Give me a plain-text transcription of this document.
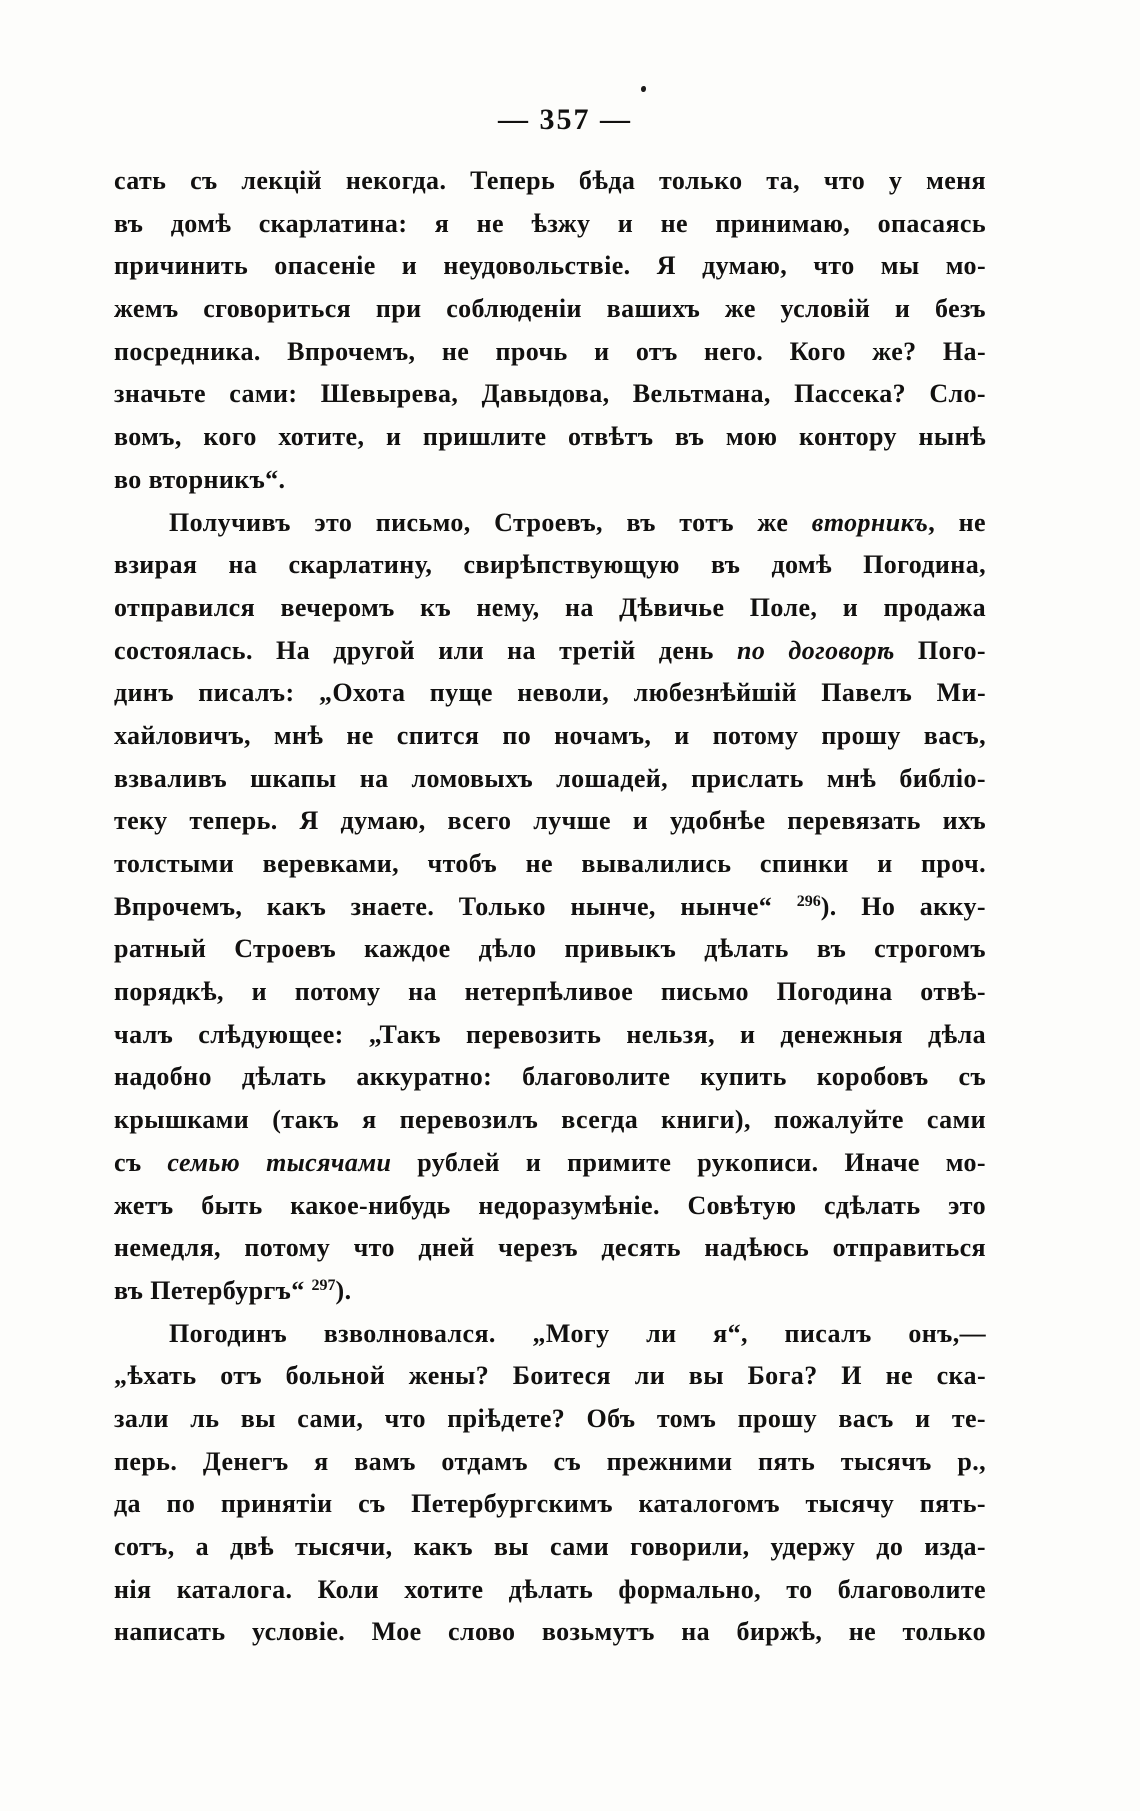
— 357 —
сать съ лекцій некогда. Теперь бѣда только та, что у меня
въ домѣ скарлатина: я не ѣзжу и не принимаю, опасаясь
причинить опасеніе и неудовольствіе. Я думаю, что мы мо-
жемъ сговориться при соблюденіи вашихъ же условій и безъ
посредника. Впрочемъ, не прочь и отъ него. Кого же? На-
значьте сами: Шевырева, Давыдова, Вельтмана, Пассека? Сло-
вомъ, кого хотите, и пришлите отвѣтъ въ мою контору нынѣ
во вторникъ“.
Получивъ это письмо, Строевъ, въ тотъ же вторникъ, не
взирая на скарлатину, свирѣпствующую въ домѣ Погодина,
отправился вечеромъ къ нему, на Дѣвичье Поле, и продажа
состоялась. На другой или на третій день по договорѣ Пого-
динъ писалъ: „Охота пуще неволи, любезнѣйшій Павелъ Ми-
хайловичъ, мнѣ не спится по ночамъ, и потому прошу васъ,
взваливъ шкапы на ломовыхъ лошадей, прислать мнѣ библіо-
теку теперь. Я думаю, всего лучше и удобнѣе перевязать ихъ
толстыми веревками, чтобъ не вывалились спинки и проч.
Впрочемъ, какъ знаете. Только нынче, нынче“ $^{296}$). Но акку-
ратный Строевъ каждое дѣло привыкъ дѣлать въ строгомъ
порядкѣ, и потому на нетерпѣливое письмо Погодина отвѣ-
чалъ слѣдующее: „Такъ перевозить нельзя, и денежныя дѣла
надобно дѣлать аккуратно: благоволите купить коробовъ съ
крышками (такъ я перевозилъ всегда книги), пожалуйте сами
съ семью тысячами рублей и примите рукописи. Иначе мо-
жетъ быть какое-нибудь недоразумѣніе. Совѣтую сдѣлать это
немедля, потому что дней черезъ десять надѣюсь отправиться
въ Петербургъ“ $^{297}$).
Погодинъ взволновался. „Могу ли я“, писалъ онъ,—
„ѣхать отъ больной жены? Боитеся ли вы Бога? И не ска-
зали ль вы сами, что пріѣдете? Объ томъ прошу васъ и те-
перь. Денегъ я вамъ отдамъ съ прежними пять тысячъ р.,
да по принятіи съ Петербургскимъ каталогомъ тысячу пять-
сотъ, а двѣ тысячи, какъ вы сами говорили, удержу до изда-
нія каталога. Коли хотите дѣлать формально, то благоволите
написать условіе. Мое слово возьмутъ на биржѣ, не только
